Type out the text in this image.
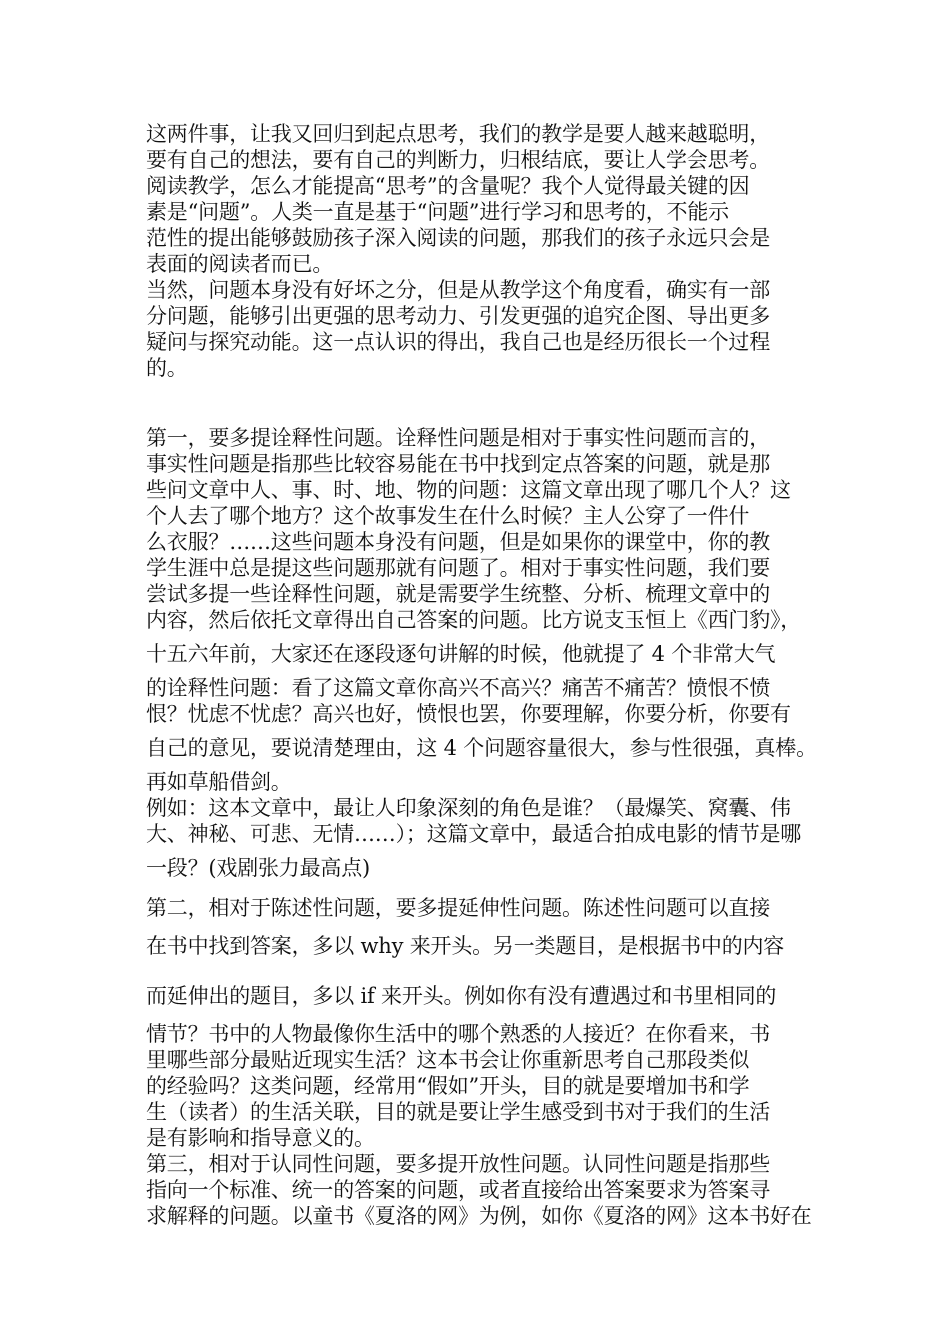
这两件事，让我又回归到起点思考，我们的教学是要人越来越聪明，
要有自己的想法，要有自己的判断力，归根结底，要让人学会思考。
阅读教学，怎么才能提高“思考”的含量呢？我个人觉得最关键的因
素是“问题”。人类一直是基于“问题”进行学习和思考的，不能示
范性的提出能够鼓励孩子深入阅读的问题，那我们的孩子永远只会是
表面的阅读者而已。
当然，问题本身没有好坏之分，但是从教学这个角度看，确实有一部
分问题，能够引出更强的思考动力、引发更强的追究企图、导出更多
疑问与探究动能。这一点认识的得出，我自己也是经历很长一个过程
的。
第一，要多提诠释性问题。诠释性问题是相对于事实性问题而言的，
事实性问题是指那些比较容易能在书中找到定点答案的问题，就是那
些问文章中人、事、时、地、物的问题：这篇文章出现了哪几个人？这
个人去了哪个地方？这个故事发生在什么时候？主人公穿了一件什
么衣服？……这些问题本身没有问题，但是如果你的课堂中，你的教
学生涯中总是提这些问题那就有问题了。相对于事实性问题，我们要
尝试多提一些诠释性问题，就是需要学生统整、分析、梳理文章中的
内容，然后依托文章得出自己答案的问题。比方说支玉恒上《西门豹》，
十五六年前，大家还在逐段逐句讲解的时候，他就提了 4 个非常大气
的诠释性问题：看了这篇文章你高兴不高兴？痛苦不痛苦？愤恨不愤
恨？忧虑不忧虑？高兴也好，愤恨也罢，你要理解，你要分析，你要有
自己的意见，要说清楚理由，这 4 个问题容量很大，参与性很强，真棒。
再如草船借剑。
例如：这本文章中，最让人印象深刻的角色是谁？（最爆笑、窝囊、伟
大、神秘、可悲、无情……）；这篇文章中，最适合拍成电影的情节是哪
一段？(戏剧张力最高点)
第二，相对于陈述性问题，要多提延伸性问题。陈述性问题可以直接
在书中找到答案，多以 why 来开头。另一类题目，是根据书中的内容
而延伸出的题目，多以 if 来开头。例如你有没有遭遇过和书里相同的
情节？书中的人物最像你生活中的哪个熟悉的人接近？在你看来，书
里哪些部分最贴近现实生活？这本书会让你重新思考自己那段类似
的经验吗？这类问题，经常用“假如”开头，目的就是要增加书和学
生（读者）的生活关联，目的就是要让学生感受到书对于我们的生活
是有影响和指导意义的。
第三，相对于认同性问题，要多提开放性问题。认同性问题是指那些
指向一个标准、统一的答案的问题，或者直接给出答案要求为答案寻
求解释的问题。以童书《夏洛的网》为例，如你《夏洛的网》这本书好在
